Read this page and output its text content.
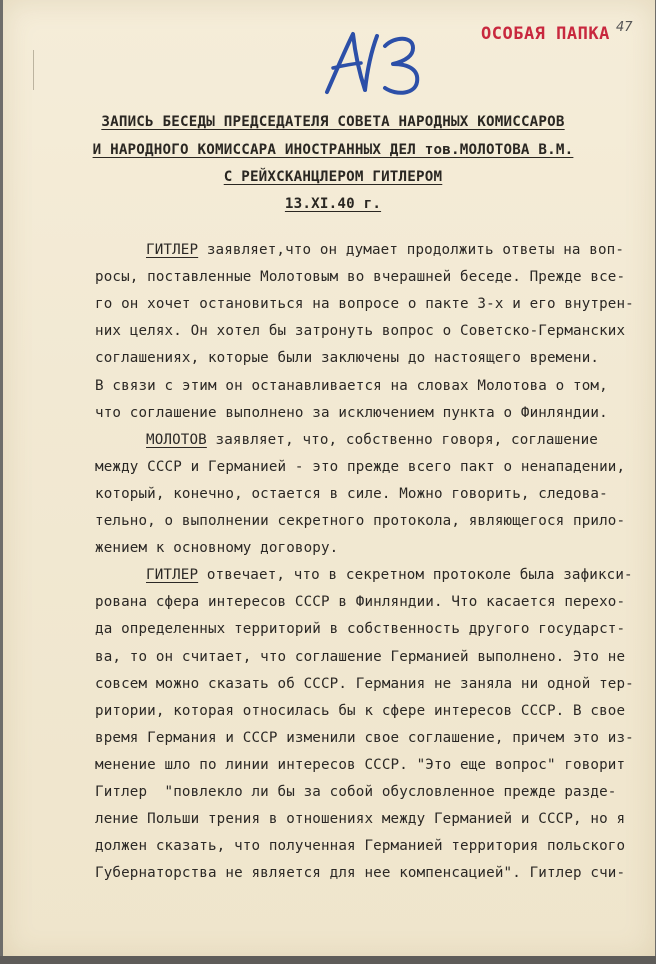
ОСОБАЯ ПАПКА 47
ЗАПИСЬ БЕСЕДЫ ПРЕДСЕДАТЕЛЯ СОВЕТА НАРОДНЫХ КОМИССАРОВ
И НАРОДНОГО КОМИССАРА ИНОСТРАННЫХ ДЕЛ тов.МОЛОТОВА В.М.
С РЕЙХСКАНЦЛЕРОМ ГИТЛЕРОМ
13.XI.40 г.
ГИТЛЕР заявляет,что он думает продолжить ответы на воп-
росы, поставленные Молотовым во вчерашней беседе. Прежде все-
го он хочет остановиться на вопросе о пакте 3-х и его внутрен-
них целях. Он хотел бы затронуть вопрос о Советско-Германских
соглашениях, которые были заключены до настоящего времени.
В связи с этим он останавливается на словах Молотова о том,
что соглашение выполнено за исключением пункта о Финляндии.
МОЛОТОВ заявляет, что, собственно говоря, соглашение
между СССР и Германией - это прежде всего пакт о ненападении,
который, конечно, остается в силе. Можно говорить, следова-
тельно, о выполнении секретного протокола, являющегося прило-
жением к основному договору.
ГИТЛЕР отвечает, что в секретном протоколе была зафикси-
рована сфера интересов СССР в Финляндии. Что касается перехо-
да определенных территорий в собственность другого государст-
ва, то он считает, что соглашение Германией выполнено. Это не
совсем можно сказать об СССР. Германия не заняла ни одной тер-
ритории, которая относилась бы к сфере интересов СССР. В свое
время Германия и СССР изменили свое соглашение, причем это из-
менение шло по линии интересов СССР. "Это еще вопрос" говорит
Гитлер  "повлекло ли бы за собой обусловленное прежде разде-
ление Польши трения в отношениях между Германией и СССР, но я
должен сказать, что полученная Германией территория польского
Губернаторства не является для нее компенсацией". Гитлер счи-
